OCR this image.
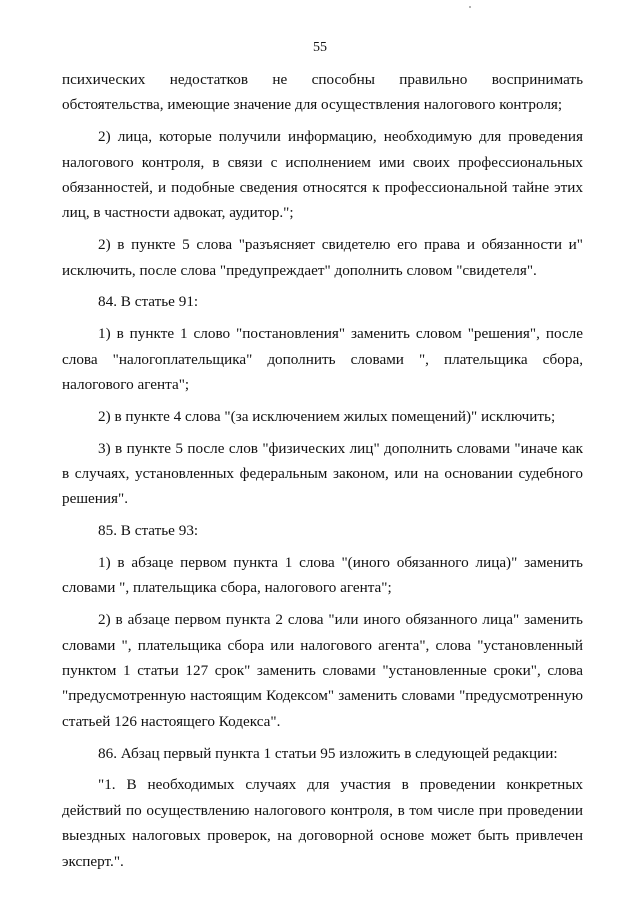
55

психических недостатков не способны правильно воспринимать обстоятельства, имеющие значение для осуществления налогового контроля;

2) лица, которые получили информацию, необходимую для проведения налогового контроля, в связи с исполнением ими своих профессиональных обязанностей, и подобные сведения относятся к профессиональной тайне этих лиц, в частности адвокат, аудитор.";

2) в пункте 5 слова "разъясняет свидетелю его права и обязанности и" исключить, после слова "предупреждает" дополнить словом "свидетеля".

84. В статье 91:

1) в пункте 1 слово "постановления" заменить словом "решения", после слова "налогоплательщика" дополнить словами ", плательщика сбора, налогового агента";

2) в пункте 4 слова "(за исключением жилых помещений)" исключить;

3) в пункте 5 после слов "физических лиц" дополнить словами "иначе как в случаях, установленных федеральным законом, или на основании судебного решения".

85. В статье 93:

1) в абзаце первом пункта 1 слова "(иного обязанного лица)" заменить словами ", плательщика сбора, налогового агента";

2) в абзаце первом пункта 2 слова "или иного обязанного лица" заменить словами ", плательщика сбора или налогового агента", слова "установленный пунктом 1 статьи 127 срок" заменить словами "установленные сроки", слова "предусмотренную настоящим Кодексом" заменить словами "предусмотренную статьей 126 настоящего Кодекса".

86. Абзац первый пункта 1 статьи 95 изложить в следующей редакции:

"1. В необходимых случаях для участия в проведении конкретных действий по осуществлению налогового контроля, в том числе при проведении выездных налоговых проверок, на договорной основе может быть привлечен эксперт.".
